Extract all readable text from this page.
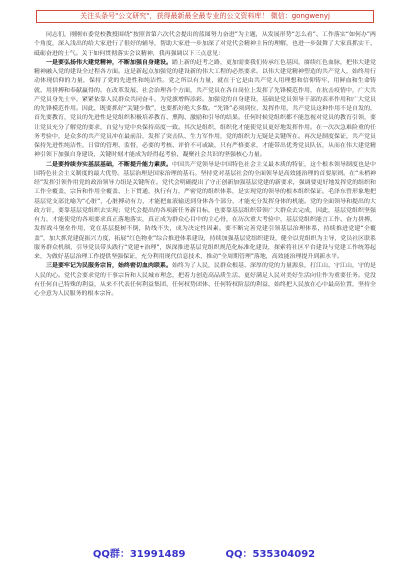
关注头条号"公文研究"，获得最新最全最专业的公文资料库！ 微信：gongwenyj

同志们，刚刚市委党校教授围绕“按照省第六次代会提出的蓝图努力奋进”为主题，从发展形势“怎么看”、工作落实“如何办”两个角度，深入浅出的给大家进行了很好的辅导，帮助大家进一步加深了对党代会精神主旨的理解，也进一步鼓舞了大家真抓实干、砥砺奋进的士气。关于如何贯彻落实会议精神，我再强调以下三点意见：

一是要弘扬伟大建党精神，不断加强自身建设。踏上新的赶考之路，更加需要我们传承红色基因，赓续红色血脉，把伟大建党精神融入党的建设全过程各方面。这是新起点加强党的建设新的伟大工程的必然要求。以伟大建党精神塑造的共产党人，始终用行动体现信仰的力量，保持了党的先进性和纯洁性。党之所以有力量，就在于它是由共产党人用理想和信仰铸牢、用鲜血和生命铸就、用拼搏和奉献赢得的。在改革发展、社会治理各个方面，共产党员在各自岗位上发挥了先锋模范作用，在抗击疫情中，广大共产党员身先士卒，紧紧依靠人民群众共同奋斗，为党旗增辉添彩。加强党的自身建设，基础是党员领导干部的表率作用和广大党员的先锋模范作用。因此，既要抓好“关键少数”，也要抓好绝大多数。“先锋”必须到位，发挥作用，共产党员这种作用不是自发的，首先要教育，党员的先进性是党组织积极培养教育、熏陶、激励和引导的结果。任何时候党组织都不能忽视对党员的教育引领，要让党员充分了解党的要求，自觉与党中央保持高度一致。其次是组织，组织化才能使党员更好地发挥作用。在一次次急难险重的任务考验中，是众多的共产党员冲在最前沿，发挥了突击队、生力军作用，党的组织力无疑是关键所在。再次是制度保证，共产党员保持先进性纯洁性，日常的管理、监督，必要的考核、评价不可或缺，只有严格要求，才能带出优秀党员队伍，从而在伟大建党精神引领下加强自身建设，关键时刻才能成为经得起考验、凝聚社会共识的坚强核心力量。

二是要持续夯实基层基础，不断提升能力素质。中国共产党领导是中国特色社会主义最本质的特征，这个根本领导制度也是中国特色社会主义制度的最大优势。基层治理是国家治理的基石。坚持党对基层社会的全面领导是高效能治理的首要原则。在“未梢神经”发挥引领作用党的政治领导力组是关键所在。党代会明确提出了守正创新加强基层党建的新要求，强调要更好地发挥党的组织和工作全覆盖，宗旨和作用全覆盖、上下贯通，执行有力，严密党的组织体系，是实现党的领导的根本组织保证。毛泽东曾形象地把基层党支部比喻为“心脏”，心脏搏动有力，才能把血液输送到身体各个部分，才能充分发挥身体的机能。党的全面领导和提出的大政方针，要靠基层党组织去实现；党代会提出的各项新任务新目标，也要靠基层组织带领广大群众去完成，因此，基层党组织坚强有力，才能使党的各项要求真正落地落实，真正成为群众心目中的主心骨，在历次重大考验中，基层党组织能言工作、奋力拼搏，发挥战斗堡垒作用，党在基层挺树不倒，防线不失，成为决定性因素。要不断完善党建引领基层治理体系，持续推进党建“全覆盖”，加大抓党建促振兴力度，拓展“红色物业”综合推进体系建设，持续加强基层党组织建设，健全以党组织为主导，党员社区联系服务群众机制，引导党员带头践行“党建+治理”，纵深推进基层党组织规范化标准化建设，探索将社区平台建设与党建工作统筹起来，为做好基层治理工作提供坚强保证，充分利用现代信息技术，推动“全周期管理”落地，高效能治理提升到新水平。

三是要牢记为民服务宗旨，始终密切血肉联系。始终为了人民，民群众根基、深厚的党的力量源泉，打江山、守江山，守的是人民的心。党代会要求党的干事宗旨和人民城市理念，把着力创造高品质生活、更好满足人民对美好生活向往作为重要任务。党没有任何自己特殊的利益，从来不代表任何利益集团、任何权势团体、任何特权阶层的利益，始终把人民放在心中最高位置，坚持全心全意为人民服务的根本宗旨。

QQ群：31991489	QQ：535304092
